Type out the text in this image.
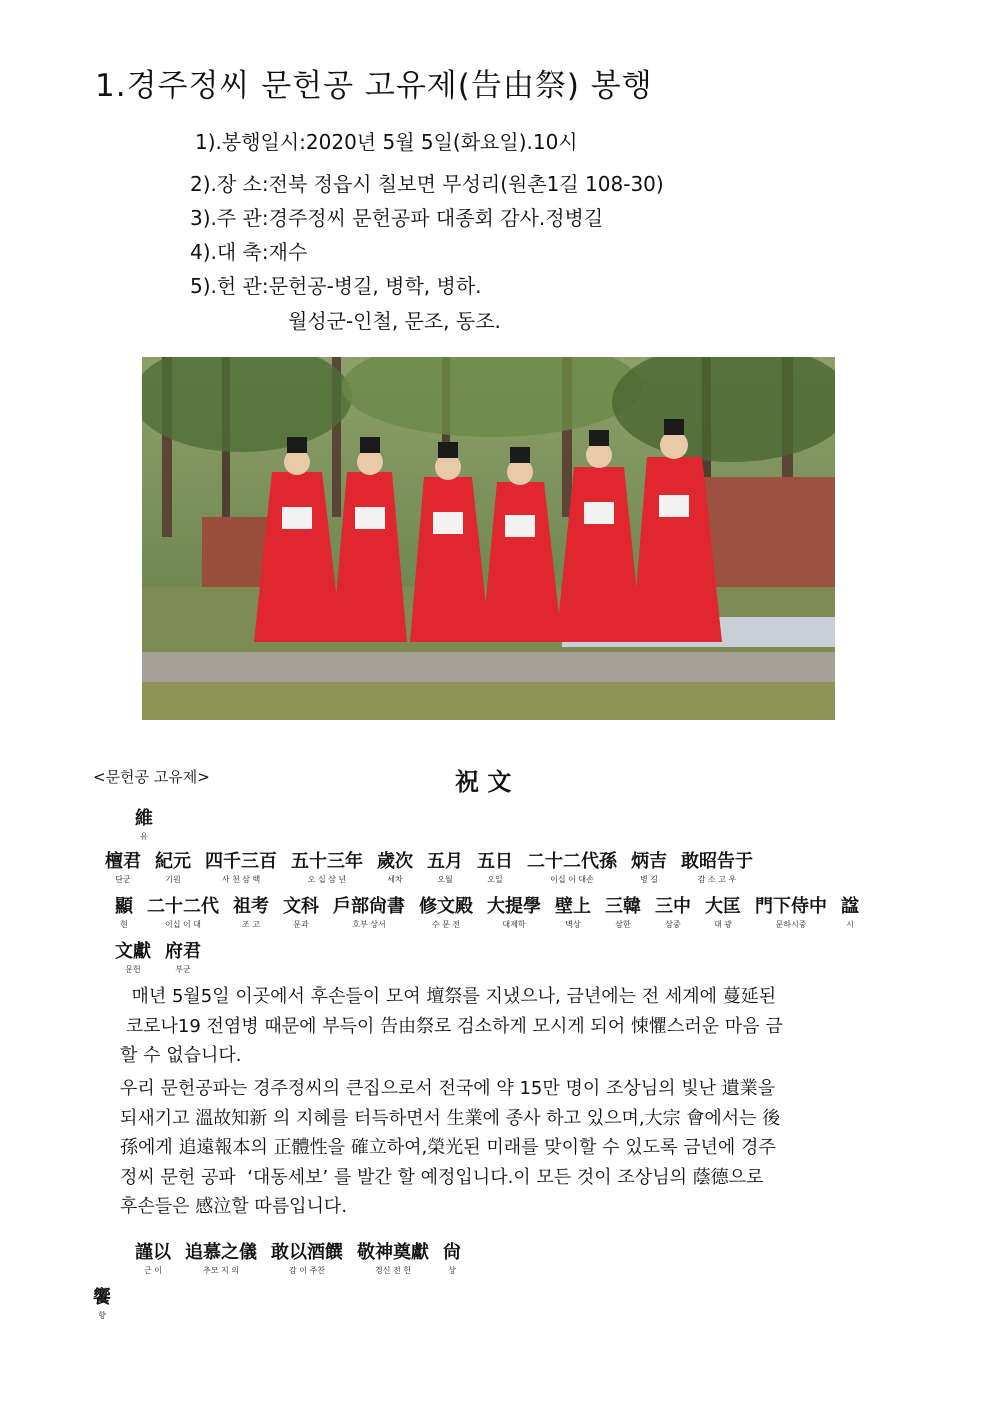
1.경주정씨 문헌공 고유제(告由祭) 봉행
1).봉행일시:2020년 5월 5일(화요일).10시
2).장 소:전북 정읍시 칠보면 무성리(원촌1길 108-30)
3).주 관:경주정씨 문헌공파 대종회 감사.정병길
4).대 축:재수
5).헌 관:문헌공-병길, 병학, 병하.
월성군-인철, 문조, 동조.
<문헌공 고유제>	祝 文
維
유
檀君
단군
紀元
기원
四千三百
사 천 삼 백
五十三年
오 십 삼 년
歲次
세차
五月
오월
五日
오일
二十二代孫
이십 이 대손
炳吉
병 길
敢昭告于
감 소 고 우
顯
현
二十二代
이십 이 대
祖考
조 고
文科
문과
戶部尙書
호부 상서
修文殿
수 문 전
大提學
대제학
壁上
벽상
三韓
삼한
三中
삼중
大匡
대 광
門下侍中
문하시중
諡
시
文獻
문헌
府君
부군
매년 5월5일 이곳에서 후손들이 모여 壇祭를 지냈으나, 금년에는 전 세계에 蔓延된
코로나19 전염병 때문에 부득이 告由祭로 검소하게 모시게 되어 悚懼스러운 마음 금
할 수 없습니다.
우리 문헌공파는 경주정씨의 큰집으로서 전국에 약 15만 명이 조상님의 빛난 遺業을
되새기고 溫故知新 의 지혜를 터득하면서 生業에 종사 하고 있으며,大宗 會에서는 後
孫에게 追遠報本의 正體性을 確立하여,榮光된 미래를 맞이할 수 있도록 금년에 경주
정씨 문헌 공파  ‘대동세보’ 를 발간 할 예정입니다.이 모든 것이 조상님의 蔭德으로
후손들은 感泣할 따름입니다.
謹以
근 이
追慕之儀
추모 지 의
敢以酒饌
감 이 주찬
敬神奠獻
경신 전 헌
尙
상
饗
향
